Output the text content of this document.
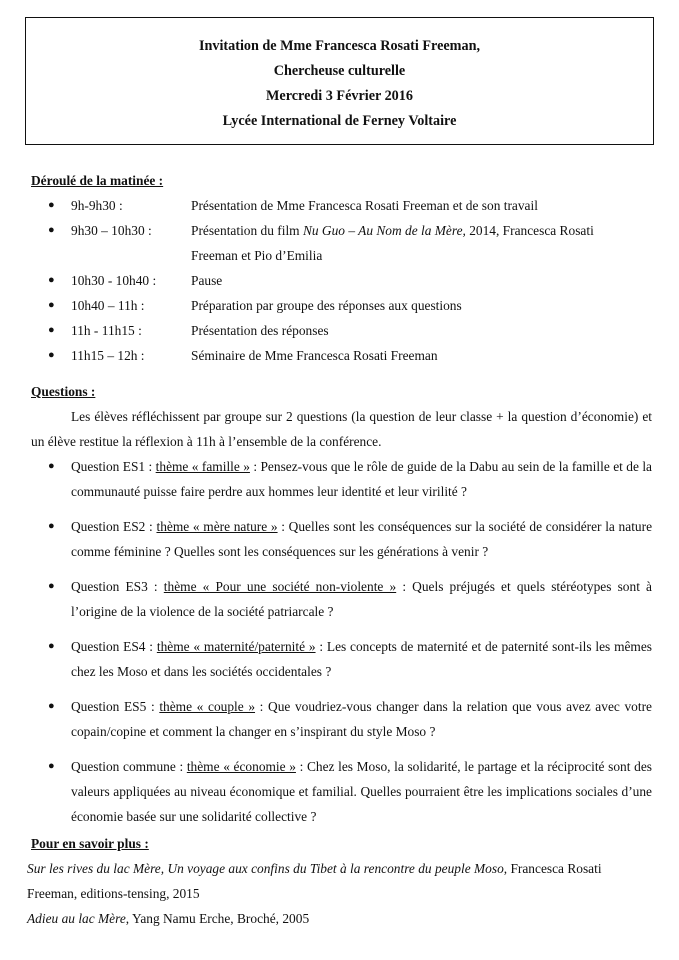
Invitation de Mme Francesca Rosati Freeman,
Chercheuse culturelle
Mercredi 3 Février 2016
Lycée International de Ferney Voltaire
Déroulé de la matinée :
● 9h-9h30 :	Présentation de Mme Francesca Rosati Freeman et de son travail
● 9h30 – 10h30 :	Présentation du film Nu Guo – Au Nom de la Mère, 2014, Francesca Rosati
Freeman et Pio d’Emilia
● 10h30 - 10h40 :	Pause
● 10h40 – 11h :	Préparation par groupe des réponses aux questions
● 11h - 11h15 :	Présentation des réponses
● 11h15 – 12h :	Séminaire de Mme Francesca Rosati Freeman
Questions :
Les élèves réfléchissent par groupe sur 2 questions (la question de leur classe + la question d’économie) et un élève restitue la réflexion à 11h à l’ensemble de la conférence.
● Question ES1 : thème « famille » : Pensez-vous que le rôle de guide de la Dabu au sein de la famille et de la communauté puisse faire perdre aux hommes leur identité et leur virilité ?
● Question ES2 : thème « mère nature » : Quelles sont les conséquences sur la société de considérer la nature comme féminine ? Quelles sont les conséquences sur les générations à venir ?
● Question ES3 : thème « Pour une société non-violente » : Quels préjugés et quels stéréotypes sont à l’origine de la violence de la société patriarcale ?
● Question ES4 : thème « maternité/paternité » : Les concepts de maternité et de paternité sont-ils les mêmes chez les Moso et dans les sociétés occidentales ?
● Question ES5 : thème « couple » : Que voudriez-vous changer dans la relation que vous avez avec votre copain/copine et comment la changer en s’inspirant du style Moso ?
● Question commune : thème « économie » : Chez les Moso, la solidarité, le partage et la réciprocité sont des valeurs appliquées au niveau économique et familial. Quelles pourraient être les implications sociales d’une économie basée sur une solidarité collective ?
Pour en savoir plus :
Sur les rives du lac Mère, Un voyage aux confins du Tibet à la rencontre du peuple Moso, Francesca Rosati
Freeman, editions-tensing, 2015
Adieu au lac Mère, Yang Namu Erche, Broché, 2005
